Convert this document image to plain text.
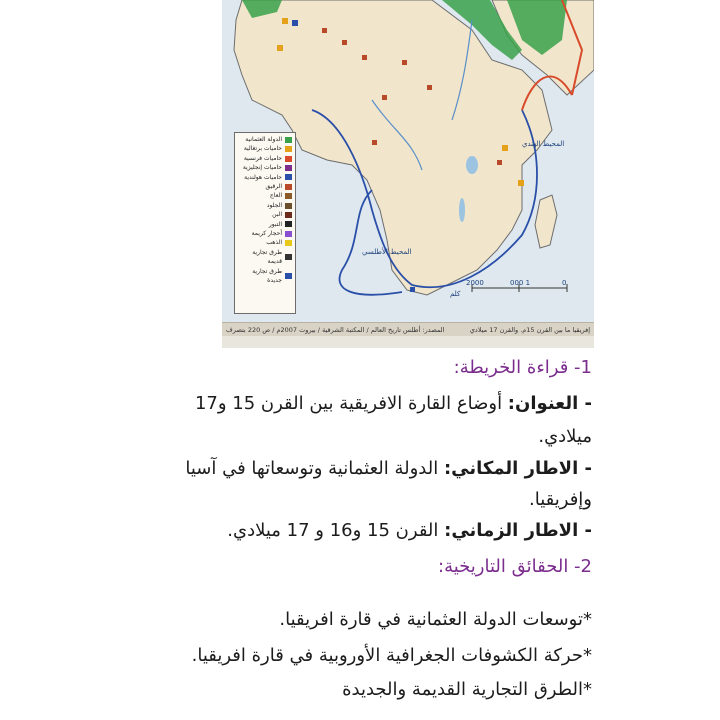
المحيط الأطلسي
المحيط الهندي
0
1 000
2000
كلم
الدولة العثمانية
حاميات برتغالية
حاميات فرنسية
حاميات إنجليزية
حاميات هولندية
الرقيق
العاج
الجلود
البن
التبور
أحجار كريمة
الذهب
طرق تجارية قديمة
طرق تجارية جديدة
إفريقيا ما بين القرن 15م. والقرن 17 ميلادي
المصدر: أطلس تاريخ العالم / المكتبة الشرقية / بيروت 2007م / ص 220 بتصرف
1- قراءة الخريطة:
- العنوان: أوضاع القارة الافريقية بين القرن 15 و17
ميلادي.
- الاطار المكاني: الدولة العثمانية وتوسعاتها في آسيا
وإفريقيا.
- الاطار الزماني: القرن 15 و16 و 17 ميلادي.
2- الحقائق التاريخية:
*توسعات الدولة العثمانية في قارة افريقيا.
*حركة الكشوفات الجغرافية الأوروبية في قارة افريقيا.
*الطرق التجارية القديمة والجديدة
